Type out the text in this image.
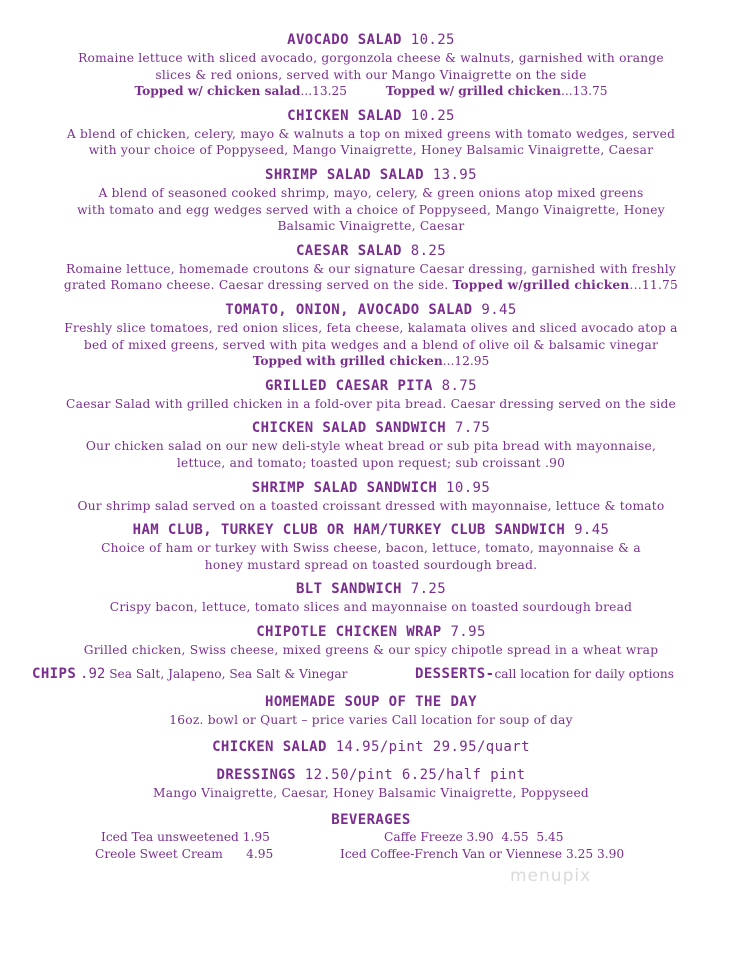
AVOCADO SALAD 10.25
Romaine lettuce with sliced avocado, gorgonzola cheese & walnuts, garnished with orange
slices & red onions, served with our Mango Vinaigrette on the side
Topped w/ chicken salad...13.25	Topped w/ grilled chicken...13.75
CHICKEN SALAD 10.25
A blend of chicken, celery, mayo & walnuts a top on mixed greens with tomato wedges, served
with your choice of Poppyseed, Mango Vinaigrette, Honey Balsamic Vinaigrette, Caesar
SHRIMP SALAD SALAD 13.95
A blend of seasoned cooked shrimp, mayo, celery, & green onions atop mixed greens
with tomato and egg wedges served with a choice of Poppyseed, Mango Vinaigrette, Honey
Balsamic Vinaigrette, Caesar
CAESAR SALAD 8.25
Romaine lettuce, homemade croutons & our signature Caesar dressing, garnished with freshly
grated Romano cheese. Caesar dressing served on the side. Topped w/grilled chicken...11.75
TOMATO, ONION, AVOCADO SALAD 9.45
Freshly slice tomatoes, red onion slices, feta cheese, kalamata olives and sliced avocado atop a
bed of mixed greens, served with pita wedges and a blend of olive oil & balsamic vinegar
Topped with grilled chicken...12.95
GRILLED CAESAR PITA 8.75
Caesar Salad with grilled chicken in a fold-over pita bread. Caesar dressing served on the side
CHICKEN SALAD SANDWICH 7.75
Our chicken salad on our new deli-style wheat bread or sub pita bread with mayonnaise,
lettuce, and tomato; toasted upon request; sub croissant .90
SHRIMP SALAD SANDWICH 10.95
Our shrimp salad served on a toasted croissant dressed with mayonnaise, lettuce & tomato
HAM CLUB, TURKEY CLUB OR HAM/TURKEY CLUB SANDWICH 9.45
Choice of ham or turkey with Swiss cheese, bacon, lettuce, tomato, mayonnaise & a
honey mustard spread on toasted sourdough bread.
BLT SANDWICH 7.25
Crispy bacon, lettuce, tomato slices and mayonnaise on toasted sourdough bread
CHIPOTLE CHICKEN WRAP 7.95
Grilled chicken, Swiss cheese, mixed greens & our spicy chipotle spread in a wheat wrap
CHIPS .92 Sea Salt, Jalapeno, Sea Salt & Vinegar	DESSERTS-call location for daily options
HOMEMADE SOUP OF THE DAY
16oz. bowl or Quart – price varies Call location for soup of day
CHICKEN SALAD 14.95/pint 29.95/quart
DRESSINGS 12.50/pint 6.25/half pint
Mango Vinaigrette, Caesar, Honey Balsamic Vinaigrette, Poppyseed
BEVERAGES
Iced Tea unsweetened 1.95
Creole Sweet Cream      4.95
Caffe Freeze 3.90  4.55  5.45
Iced Coffee-French Van or Viennese 3.25 3.90
menupix
